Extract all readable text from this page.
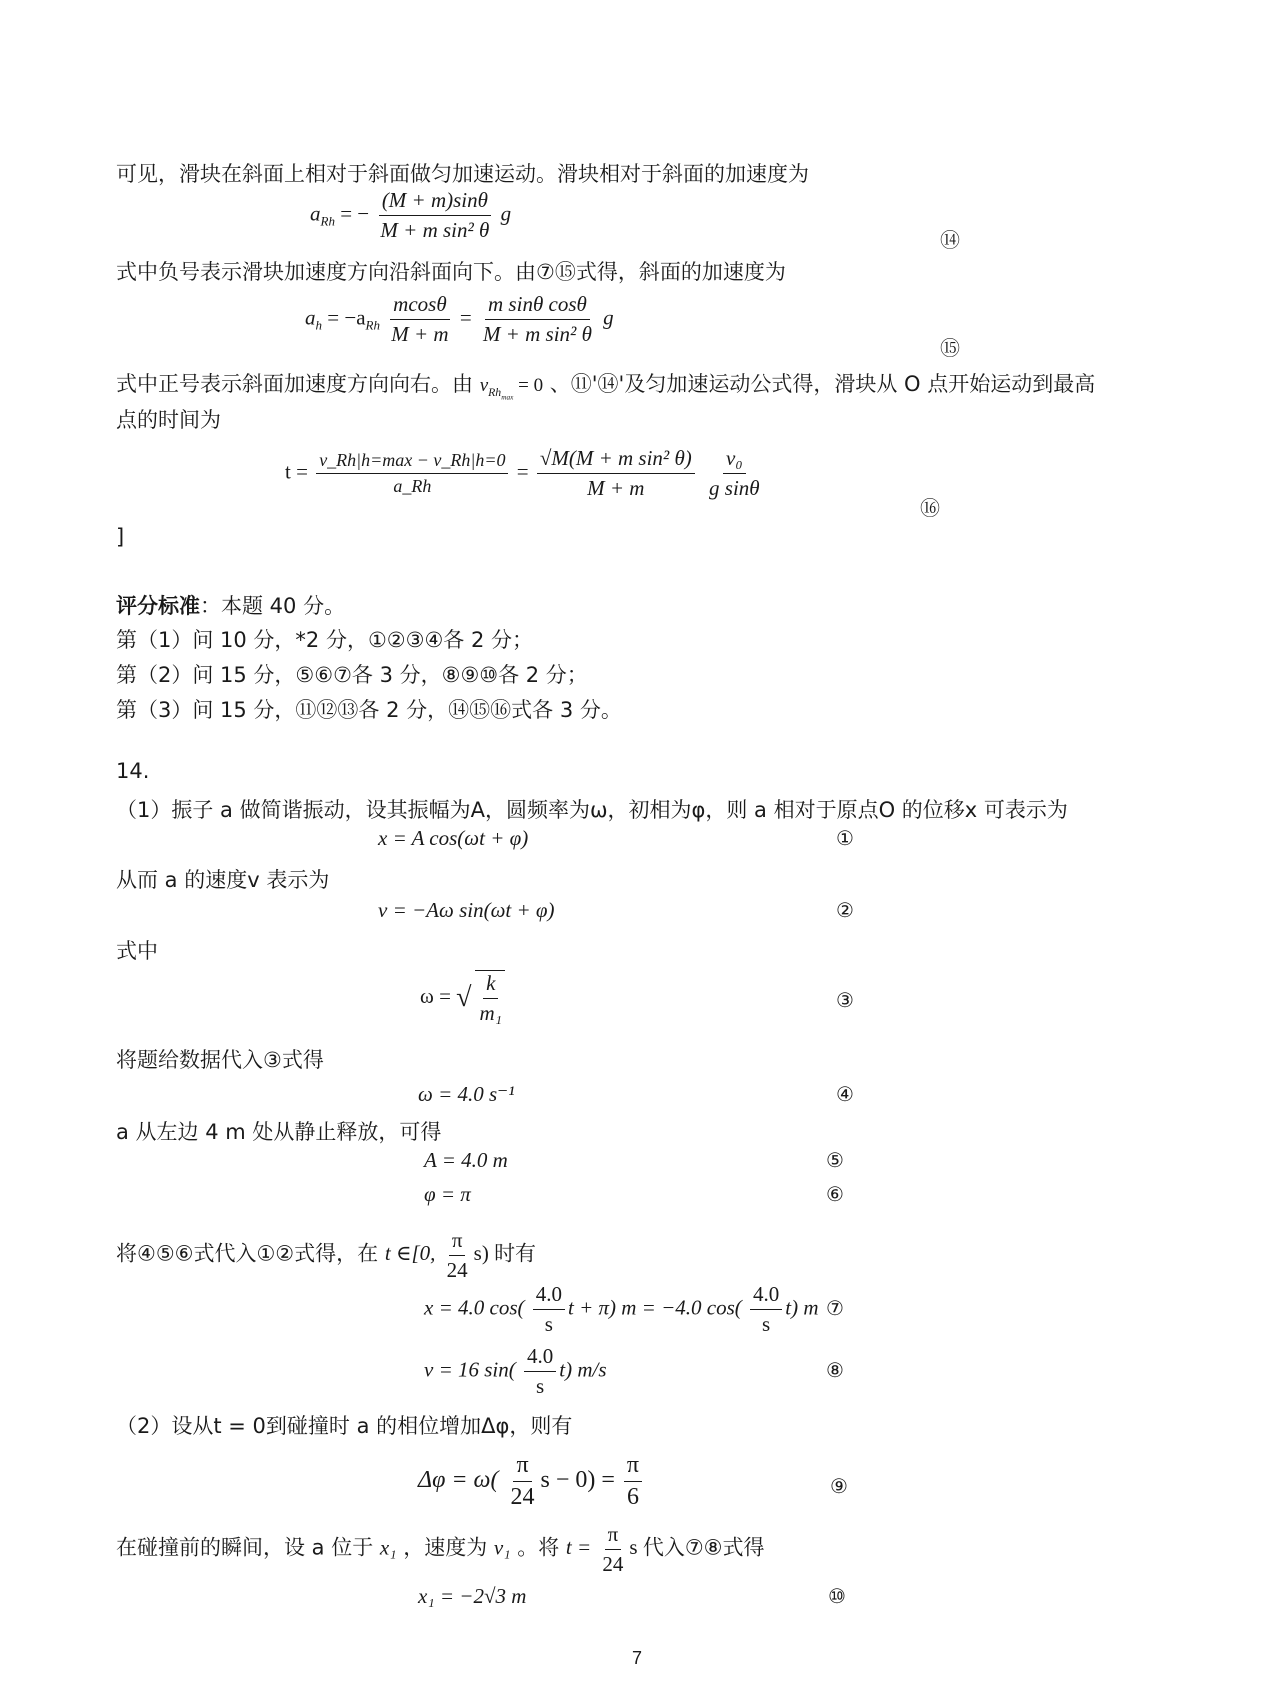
可见，滑块在斜面上相对于斜面做匀加速运动。滑块相对于斜面的加速度为
$a_{Rh}$ = − $\frac{(M + m)\sin\theta}{\text{M + m sin² θ}}$ g
⑭
式中负号表示滑块加速度方向沿斜面向下。由⑦⑮式得，斜面的加速度为
$a_h = -a_{Rh} \frac{mcos\theta}{M + m} = \frac{\text{m sinθ cosθ}}{\text{M + m sin² θ}}$ g
⑮
式中正号表示斜面加速度方向向右。由 $v_{Rh_{max}} = 0$ 、⑪'⑭'及匀加速运动公式得，滑块从 O 点开始运动到最高
点的时间为
$t = \frac{v\_Rh|h=\max - v\_Rh|h=0}{a\_Rh} = \frac{\text{√M(M + m sin² θ)}}{M + m}$
$\frac{\text{v₀}}{\text{g sinθ}}$
⑯
]
评分标准：本题 40 分。
第（1）问 10 分，*2 分，①②③④各 2 分；
第（2）问 15 分，⑤⑥⑦各 3 分，⑧⑨⑩各 2 分；
第（3）问 15 分，⑪⑫⑬各 2 分，⑭⑮⑯式各 3 分。
14.
（1）振子 a 做简谐振动，设其振幅为A，圆频率为ω，初相为φ，则 a 相对于原点O 的位移x 可表示为
x = A cos(ωt + φ)	①
从而 a 的速度v 表示为
v = −Aω sin(ωt + φ)	②
式中
ω = √ $\frac{k}{\text{m₁}}$	③
将题给数据代入③式得
ω = 4.0 s⁻¹	④
a 从左边 4 m 处从静止释放，可得
A = 4.0 m	⑤
φ = π	⑥
将④⑤⑥式代入①②式得，在 t ∈[0, $\frac{\pi}{24} s$) 时有
x = 4.0 $\cos( \frac{4.0}{s}$ t + π) m = −4.0 $\cos( \frac{4.0}{s} t)$ m ⑦
v = 16 $\sin( \frac{4.0}{s} t)$ m/s	⑧
（2）设从t = 0到碰撞时 a 的相位增加Δφ，则有
$\Delta\varphi = \omega( \frac{\pi}{24}$ $s - 0) = \frac{\pi}{6}$	⑨
在碰撞前的瞬间，设 a 位于 x₁ ，速度为 v₁ 。将 $t = \frac{\pi}{24}$ s 代入⑦⑧式得
x₁ = −2√3 m	⑩
7
